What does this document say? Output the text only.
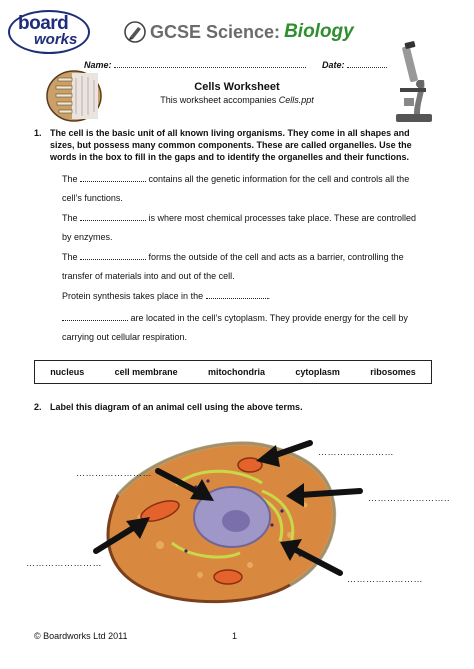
board
works	GCSE Science: Biology
Name:	Date:
Cells Worksheet
This worksheet accompanies Cells.ppt
1. The cell is the basic unit of all known living organisms. They come in all shapes and sizes, but possess many common components. These are called organelles. Use the words in the box to fill in the gaps and to identify the organelles and their functions.
The	contains all the genetic information for the cell and controls all the
cell’s functions.
The	is where most chemical processes take place. These are controlled
by enzymes.
The	forms the outside of the cell and acts as a barrier, controlling the
transfer of materials into and out of the cell.
Protein synthesis takes place in the	.
are located in the cell’s cytoplasm. They provide energy for the cell by
carrying out cellular respiration.
nucleus	cell membrane	mitochondria	cytoplasm	ribosomes
2. Label this diagram of an animal cell using the above terms.
……………………
……………………
……………………..
……………………
……………………
© Boardworks Ltd 2011	1
